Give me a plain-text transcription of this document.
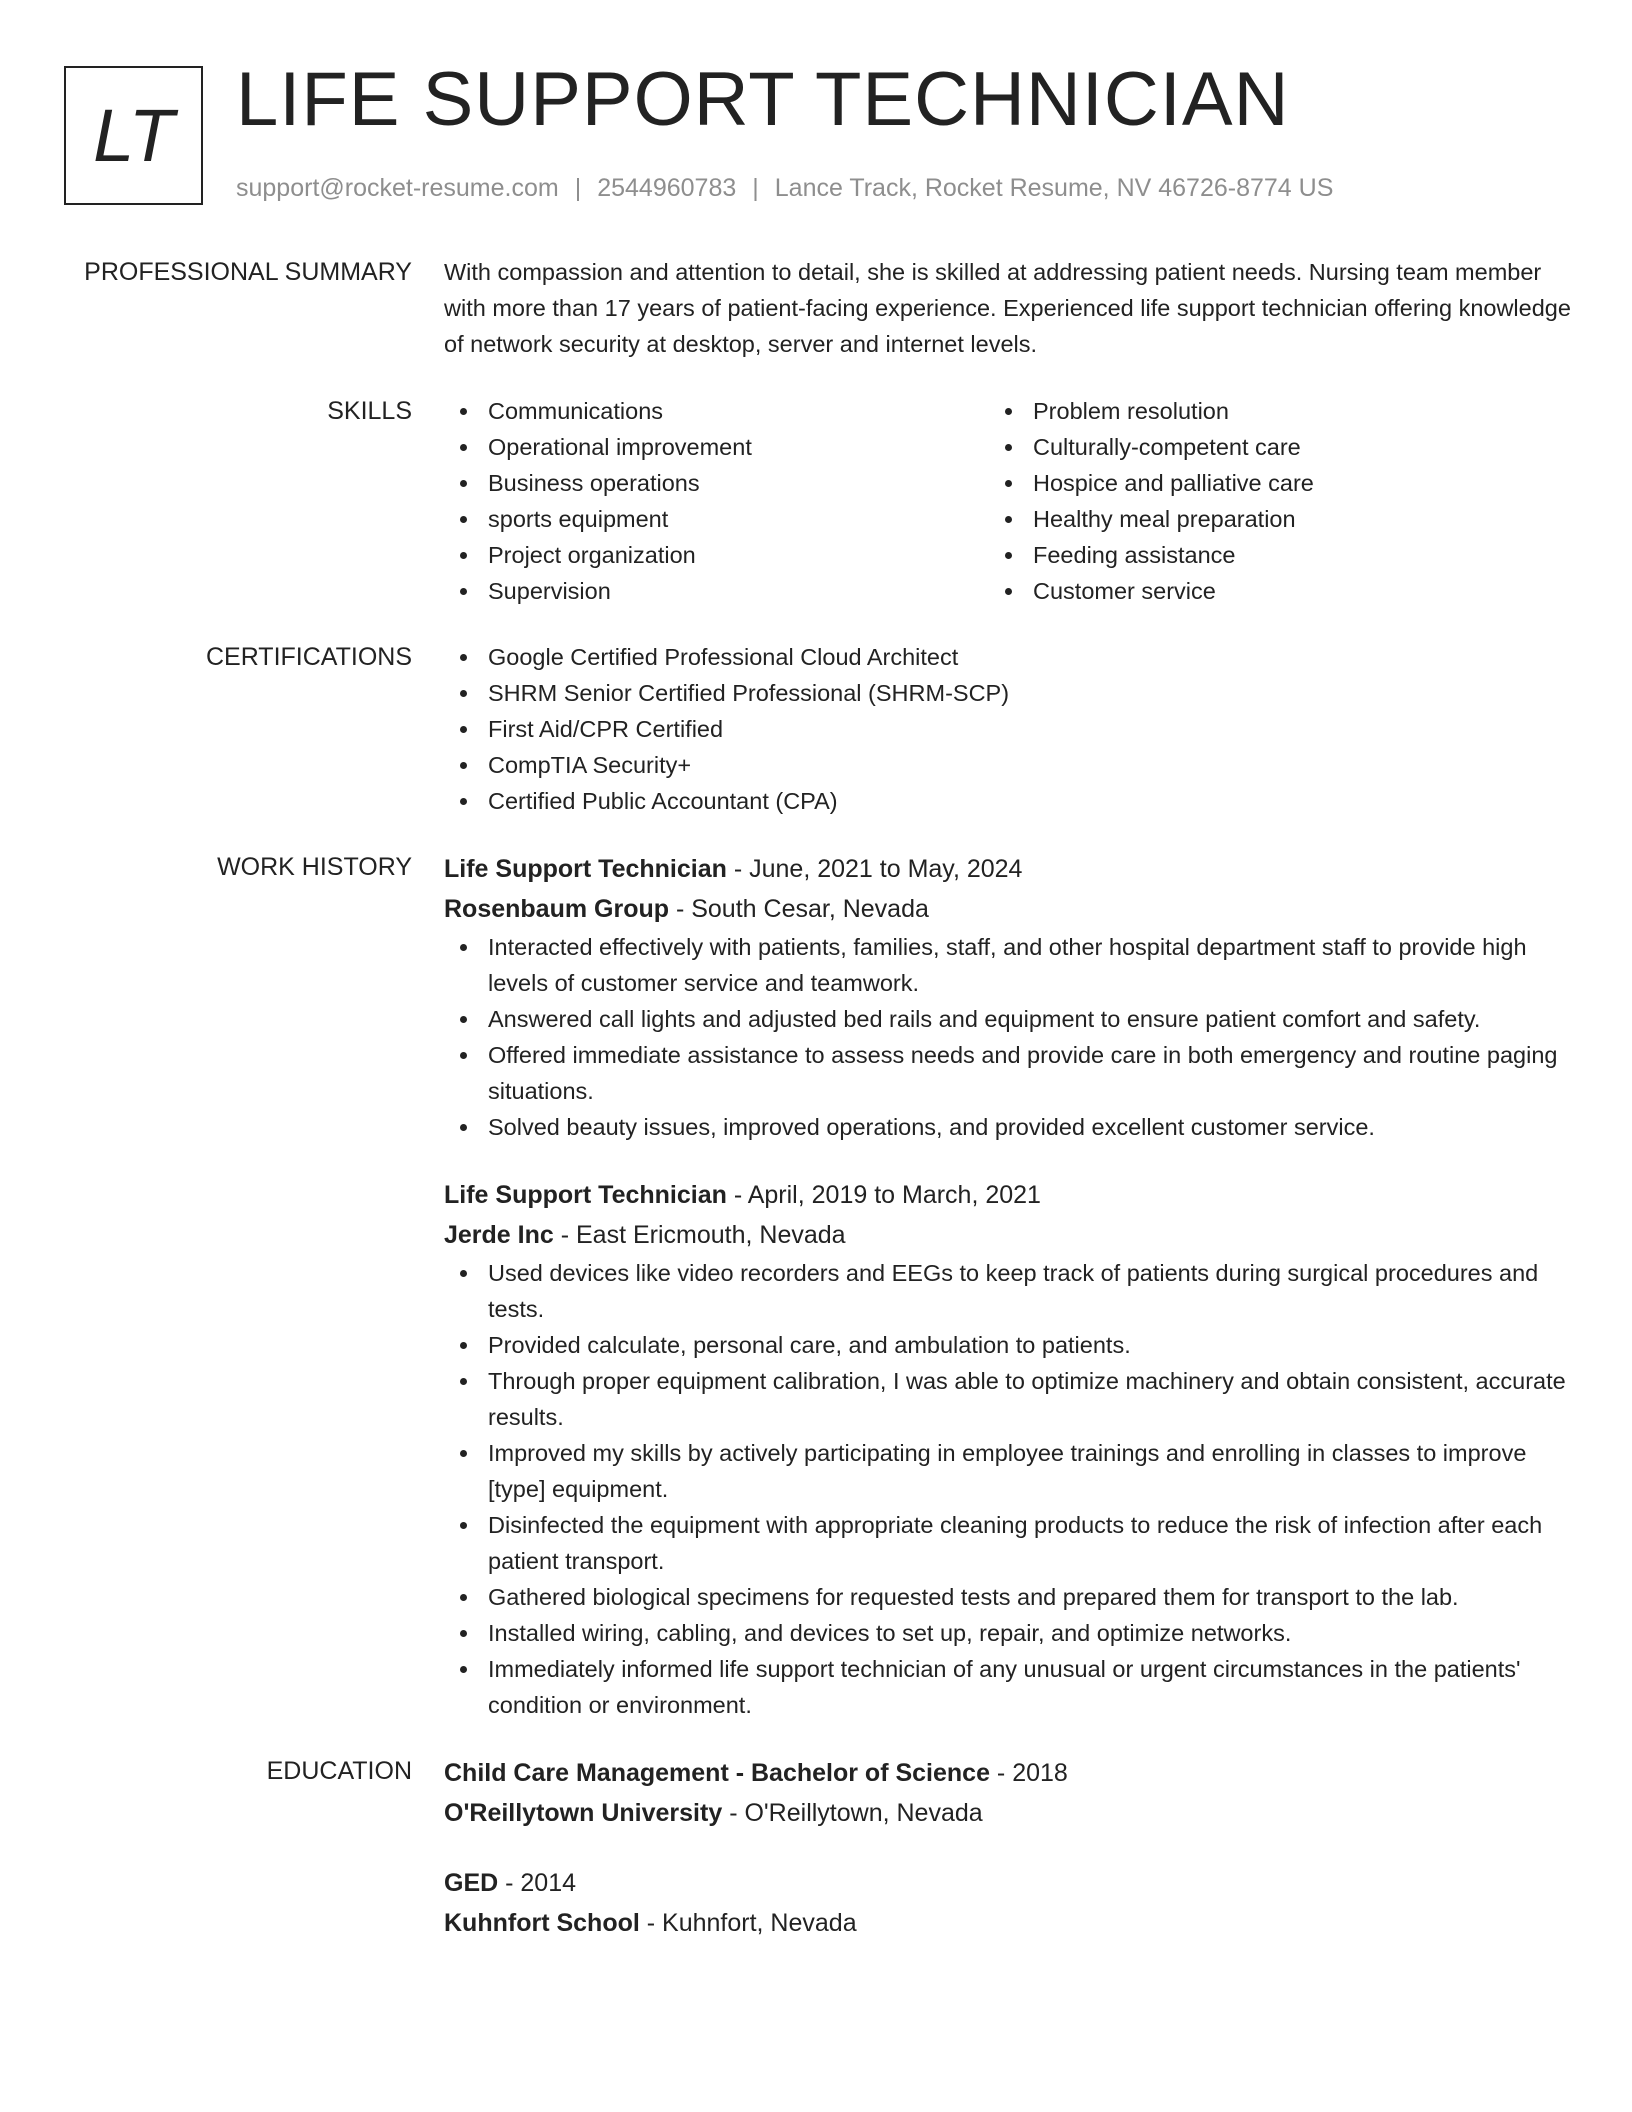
LT LIFE SUPPORT TECHNICIAN
support@rocket-resume.com | 2544960783 | Lance Track, Rocket Resume, NV 46726-8774 US
PROFESSIONAL SUMMARY With compassion and attention to detail, she is skilled at addressing patient needs. Nursing team member with more than 17 years of patient-facing experience. Experienced life support technician offering knowledge of network security at desktop, server and internet levels.

SKILLS	Communications
Operational improvement
Business operations
sports equipment
Project organization
Supervision
Problem resolution
Culturally-competent care
Hospice and palliative care
Healthy meal preparation
Feeding assistance
Customer service
CERTIFICATIONS	Google Certified Professional Cloud Architect
SHRM Senior Certified Professional (SHRM-SCP)
First Aid/CPR Certified
CompTIA Security+
Certified Public Accountant (CPA)
WORK HISTORY Life Support Technician - June, 2021 to May, 2024
Rosenbaum Group - South Cesar, Nevada
Interacted effectively with patients, families, staff, and other hospital department staff to provide high levels of customer service and teamwork.
Answered call lights and adjusted bed rails and equipment to ensure patient comfort and safety.
Offered immediate assistance to assess needs and provide care in both emergency and routine paging situations.
Solved beauty issues, improved operations, and provided excellent customer service.
Life Support Technician - April, 2019 to March, 2021
Jerde Inc - East Ericmouth, Nevada
Used devices like video recorders and EEGs to keep track of patients during surgical procedures and tests.
Provided calculate, personal care, and ambulation to patients.
Through proper equipment calibration, I was able to optimize machinery and obtain consistent, accurate results.
Improved my skills by actively participating in employee trainings and enrolling in classes to improve [type] equipment.
Disinfected the equipment with appropriate cleaning products to reduce the risk of infection after each patient transport.
Gathered biological specimens for requested tests and prepared them for transport to the lab.
Installed wiring, cabling, and devices to set up, repair, and optimize networks.
Immediately informed life support technician of any unusual or urgent circumstances in the patients' condition or environment.
EDUCATION Child Care Management - Bachelor of Science - 2018
O'Reillytown University - O'Reillytown, Nevada
GED - 2014
Kuhnfort School - Kuhnfort, Nevada
